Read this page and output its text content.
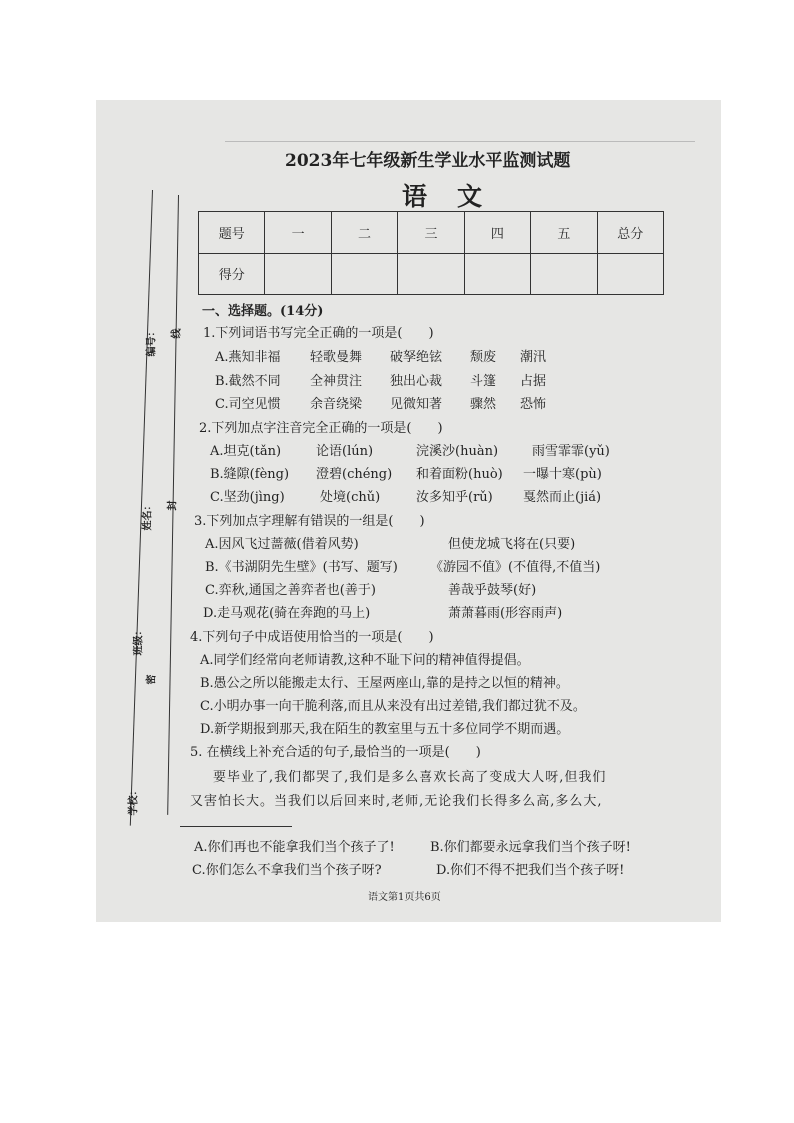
2023年七年级新生学业水平监测试题
语文
题号	一	二	三	四	五	总分
得分						
编号：	线
姓名：	封
班级：
密
学校：
一、选择题。(14分)
1.下列词语书写完全正确的一项是(　　)
A.燕知非福 轻歌曼舞 破孥绝铉 颓废 潮汛
B.截然不同 全神贯注 独出心裁 斗篷 占据
C.司空见惯 余音绕梁 见微知著 骤然 恐怖
2.下列加点字注音完全正确的一项是(　　)
A.坦克(tǎn)	论语(lún)	浣溪沙(huàn)	雨雪霏霏(yǔ)
B.缝隙(fèng) 澄碧(chéng) 和着面粉(huò) 一曝十寒(pù)
C.坚劲(jìng)	处境(chǔ)	汝多知乎(rǔ) 戛然而止(jiá)
3.下列加点字理解有错误的一组是(　　)
A.因风飞过蔷薇(借着风势)	但使龙城飞将在(只要)
B.《书湖阴先生壁》(书写、题写) 《游园不值》(不值得,不值当)
C.弈秋,通国之善弈者也(善于)	善哉乎鼓琴(好)
D.走马观花(骑在奔跑的马上)	萧萧暮雨(形容雨声)
4.下列句子中成语使用恰当的一项是(　　)
A.同学们经常向老师请教,这种不耻下问的精神值得提倡。
B.愚公之所以能搬走太行、王屋两座山,靠的是持之以恒的精神。
C.小明办事一向干脆利落,而且从来没有出过差错,我们都过犹不及。
D.新学期报到那天,我在陌生的教室里与五十多位同学不期而遇。
5. 在横线上补充合适的句子,最恰当的一项是(　　)
要毕业了,我们都哭了,我们是多么喜欢长高了变成大人呀,但我们
又害怕长大。当我们以后回来时,老师,无论我们长得多么高,多么大,
A.你们再也不能拿我们当个孩子了!	B.你们都要永远拿我们当个孩子呀!
C.你们怎么不拿我们当个孩子呀?	D.你们不得不把我们当个孩子呀!
语文第1页共6页
